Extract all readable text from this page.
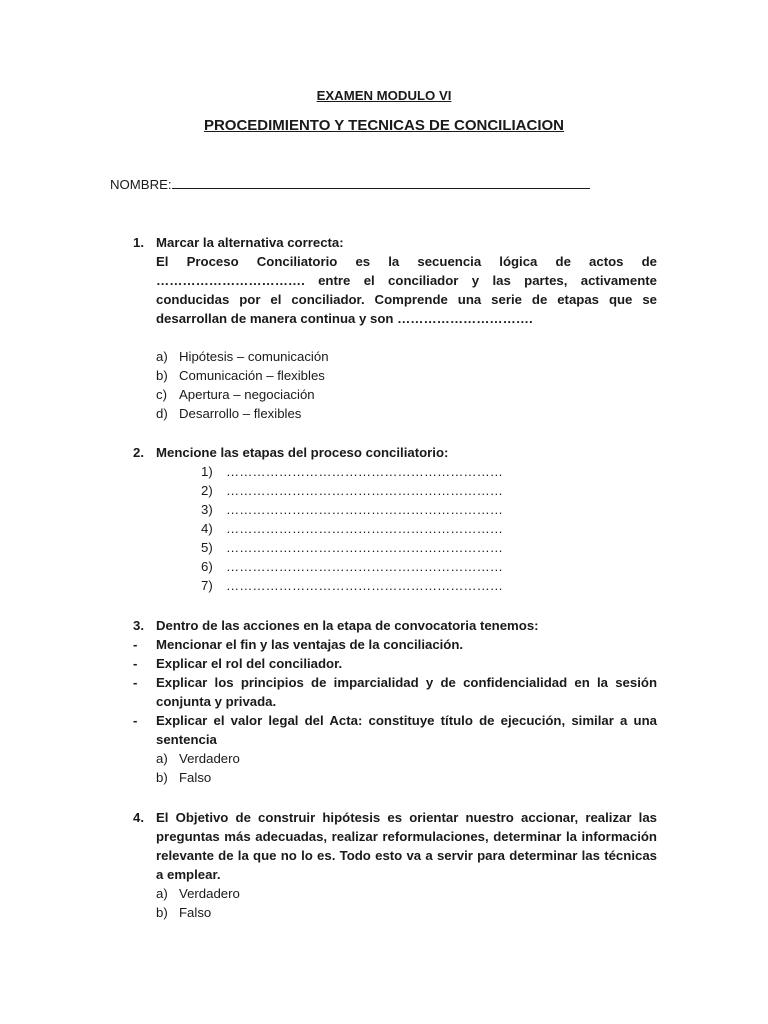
EXAMEN MODULO VI
PROCEDIMIENTO Y TECNICAS DE CONCILIACION
NOMBRE:
1. Marcar la alternativa correcta:
El Proceso Conciliatorio es la secuencia lógica de actos de ……………………………. entre el conciliador y las partes, activamente conducidas por el conciliador. Comprende una serie de etapas que se desarrollan de manera continua y son ………………………….
a) Hipótesis – comunicación
b) Comunicación – flexibles
c) Apertura – negociación
d) Desarrollo – flexibles
2. Mencione las etapas del proceso conciliatorio:
1) ………………………………………………………
2) ………………………………………………………
3) ………………………………………………………
4) ………………………………………………………
5) ………………………………………………………
6) ………………………………………………………
7) ………………………………………………………
3. Dentro de las acciones en la etapa de convocatoria tenemos:
- Mencionar el fin y las ventajas de la conciliación.
- Explicar el rol del conciliador.
- Explicar los principios de imparcialidad y de confidencialidad en la sesión conjunta y privada.
- Explicar el valor legal del Acta: constituye título de ejecución, similar a una sentencia
a) Verdadero
b) Falso
4. El Objetivo de construir hipótesis es orientar nuestro accionar, realizar las preguntas más adecuadas, realizar reformulaciones, determinar la información relevante de la que no lo es. Todo esto va a servir para determinar las técnicas a emplear.
a) Verdadero
b) Falso
